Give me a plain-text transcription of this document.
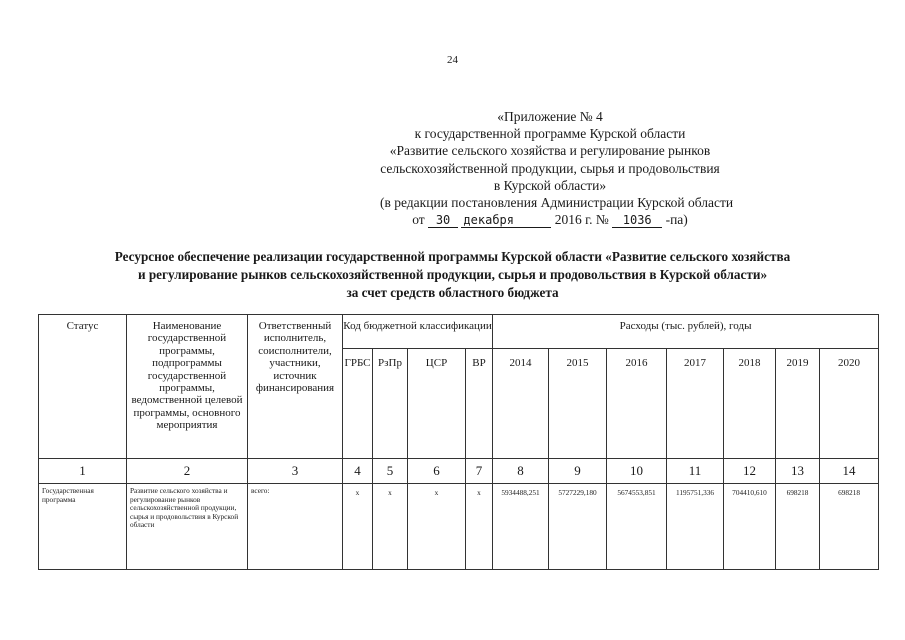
24
«Приложение № 4
к государственной программе Курской области
«Развитие сельского хозяйства и регулирование рынков
сельскохозяйственной продукции, сырья и продовольствия
в Курской области»
(в редакции постановления Администрации Курской области
от 30 декабря	2016 г. № 1036 -па)
Ресурсное обеспечение реализации государственной программы Курской области «Развитие сельского хозяйства
и регулирование рынков сельскохозяйственной продукции, сырья и продовольствия в Курской области»
за счет средств областного бюджета
Статус	Наименование государственной программы, подпрограммы государственной программы, ведомственной целевой программы, основного мероприятия	Ответственный исполнитель, соисполнители, участники, источник финансирования	Код бюджетной классификации				Расходы (тыс. рублей), годы						
			ГРБС	РзПр	ЦСР	ВР	2014	2015	2016	2017	2018	2019	2020
1	2	3	4	5	6	7	8	9	10	11	12	13	14
Государственная программа	Развитие сельского хозяйства и регулирование рынков сельскохозяйственной продукции, сырья и продовольствия в Курской области	всего:	х	х	х	х	5934488,251	5727229,180	5674553,851	1195751,336	704410,610	698218	698218
